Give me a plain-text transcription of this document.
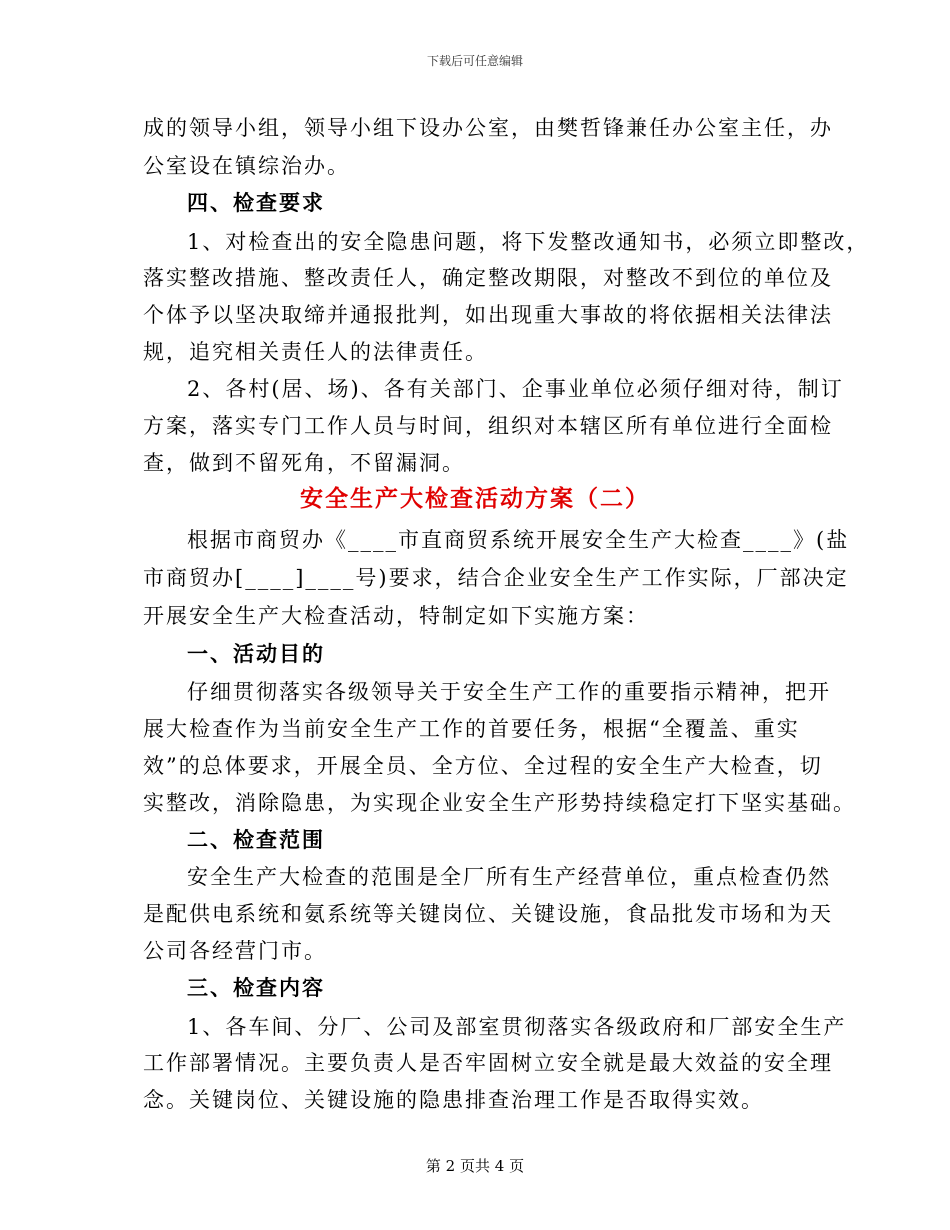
下载后可任意编辑
成的领导小组，领导小组下设办公室，由樊哲锋兼任办公室主任，办
公室设在镇综治办。
四、检查要求
1、对检查出的安全隐患问题，将下发整改通知书，必须立即整改，
落实整改措施、整改责任人，确定整改期限，对整改不到位的单位及
个体予以坚决取缔并通报批判，如出现重大事故的将依据相关法律法
规，追究相关责任人的法律责任。
2、各村(居、场)、各有关部门、企事业单位必须仔细对待，制订
方案，落实专门工作人员与时间，组织对本辖区所有单位进行全面检
查，做到不留死角，不留漏洞。
安全生产大检查活动方案（二）
根据市商贸办《____市直商贸系统开展安全生产大检查____》(盐
市商贸办[____]____号)要求，结合企业安全生产工作实际，厂部决定
开展安全生产大检查活动，特制定如下实施方案：
一、活动目的
仔细贯彻落实各级领导关于安全生产工作的重要指示精神，把开
展大检查作为当前安全生产工作的首要任务，根据“全覆盖、重实
效”的总体要求，开展全员、全方位、全过程的安全生产大检查，切
实整改，消除隐患，为实现企业安全生产形势持续稳定打下坚实基础。
二、检查范围
安全生产大检查的范围是全厂所有生产经营单位，重点检查仍然
是配供电系统和氨系统等关键岗位、关键设施，食品批发市场和为天
公司各经营门市。
三、检查内容
1、各车间、分厂、公司及部室贯彻落实各级政府和厂部安全生产
工作部署情况。主要负责人是否牢固树立安全就是最大效益的安全理
念。关键岗位、关键设施的隐患排查治理工作是否取得实效。
第 2 页共 4 页
